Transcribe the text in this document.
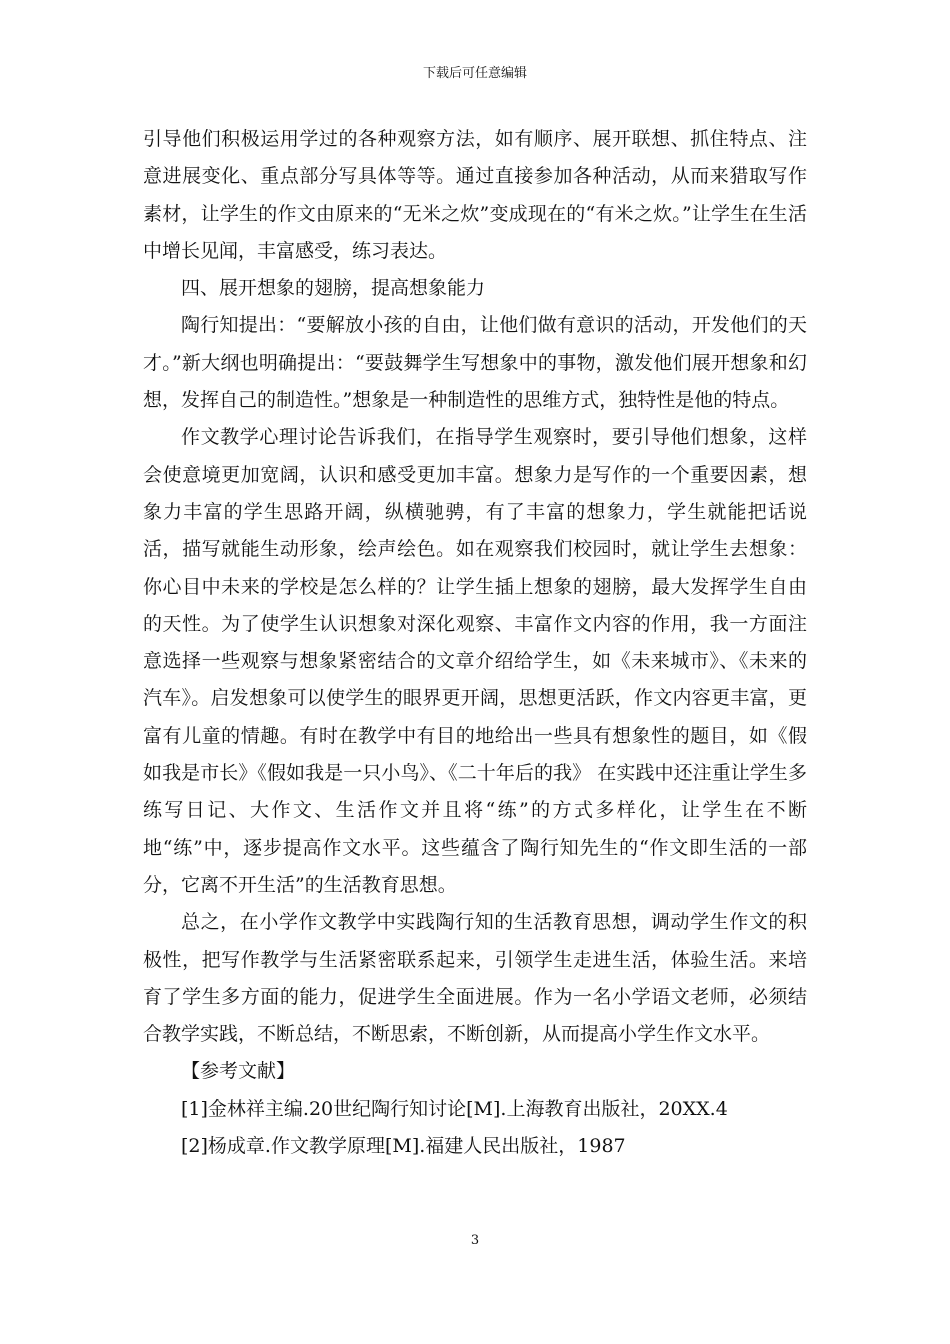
下载后可任意编辑

引导他们积极运用学过的各种观察方法，如有顺序、展开联想、抓住特点、注意进展变化、重点部分写具体等等。通过直接参加各种活动，从而来猎取写作素材，让学生的作文由原来的“无米之炊”变成现在的“有米之炊。”让学生在生活中增长见闻，丰富感受，练习表达。

四、展开想象的翅膀，提高想象能力

陶行知提出：“要解放小孩的自由，让他们做有意识的活动，开发他们的天才。”新大纲也明确提出：“要鼓舞学生写想象中的事物，激发他们展开想象和幻想，发挥自己的制造性。”想象是一种制造性的思维方式，独特性是他的特点。

作文教学心理讨论告诉我们，在指导学生观察时，要引导他们想象，这样会使意境更加宽阔，认识和感受更加丰富。想象力是写作的一个重要因素，想象力丰富的学生思路开阔，纵横驰骋，有了丰富的想象力，学生就能把话说活，描写就能生动形象，绘声绘色。如在观察我们校园时，就让学生去想象：你心目中未来的学校是怎么样的？让学生插上想象的翅膀，最大发挥学生自由的天性。为了使学生认识想象对深化观察、丰富作文内容的作用，我一方面注意选择一些观察与想象紧密结合的文章介绍给学生，如《未来城市》、《未来的汽车》。启发想象可以使学生的眼界更开阔，思想更活跃，作文内容更丰富，更富有儿童的情趣。有时在教学中有目的地给出一些具有想象性的题目，如《假如我是市长》《假如我是一只小鸟》、《二十年后的我》 在实践中还注重让学生多练写日记、大作文、生活作文并且将“练”的方式多样化，让学生在不断地“练”中，逐步提高作文水平。这些蕴含了陶行知先生的“作文即生活的一部分，它离不开生活”的生活教育思想。

总之，在小学作文教学中实践陶行知的生活教育思想，调动学生作文的积极性，把写作教学与生活紧密联系起来，引领学生走进生活，体验生活。来培育了学生多方面的能力，促进学生全面进展。作为一名小学语文老师，必须结合教学实践，不断总结，不断思索，不断创新，从而提高小学生作文水平。

【参考文献】

[1]金林祥主编.20世纪陶行知讨论[M].上海教育出版社，20XX.4

[2]杨成章.作文教学原理[M].福建人民出版社，1987

3
